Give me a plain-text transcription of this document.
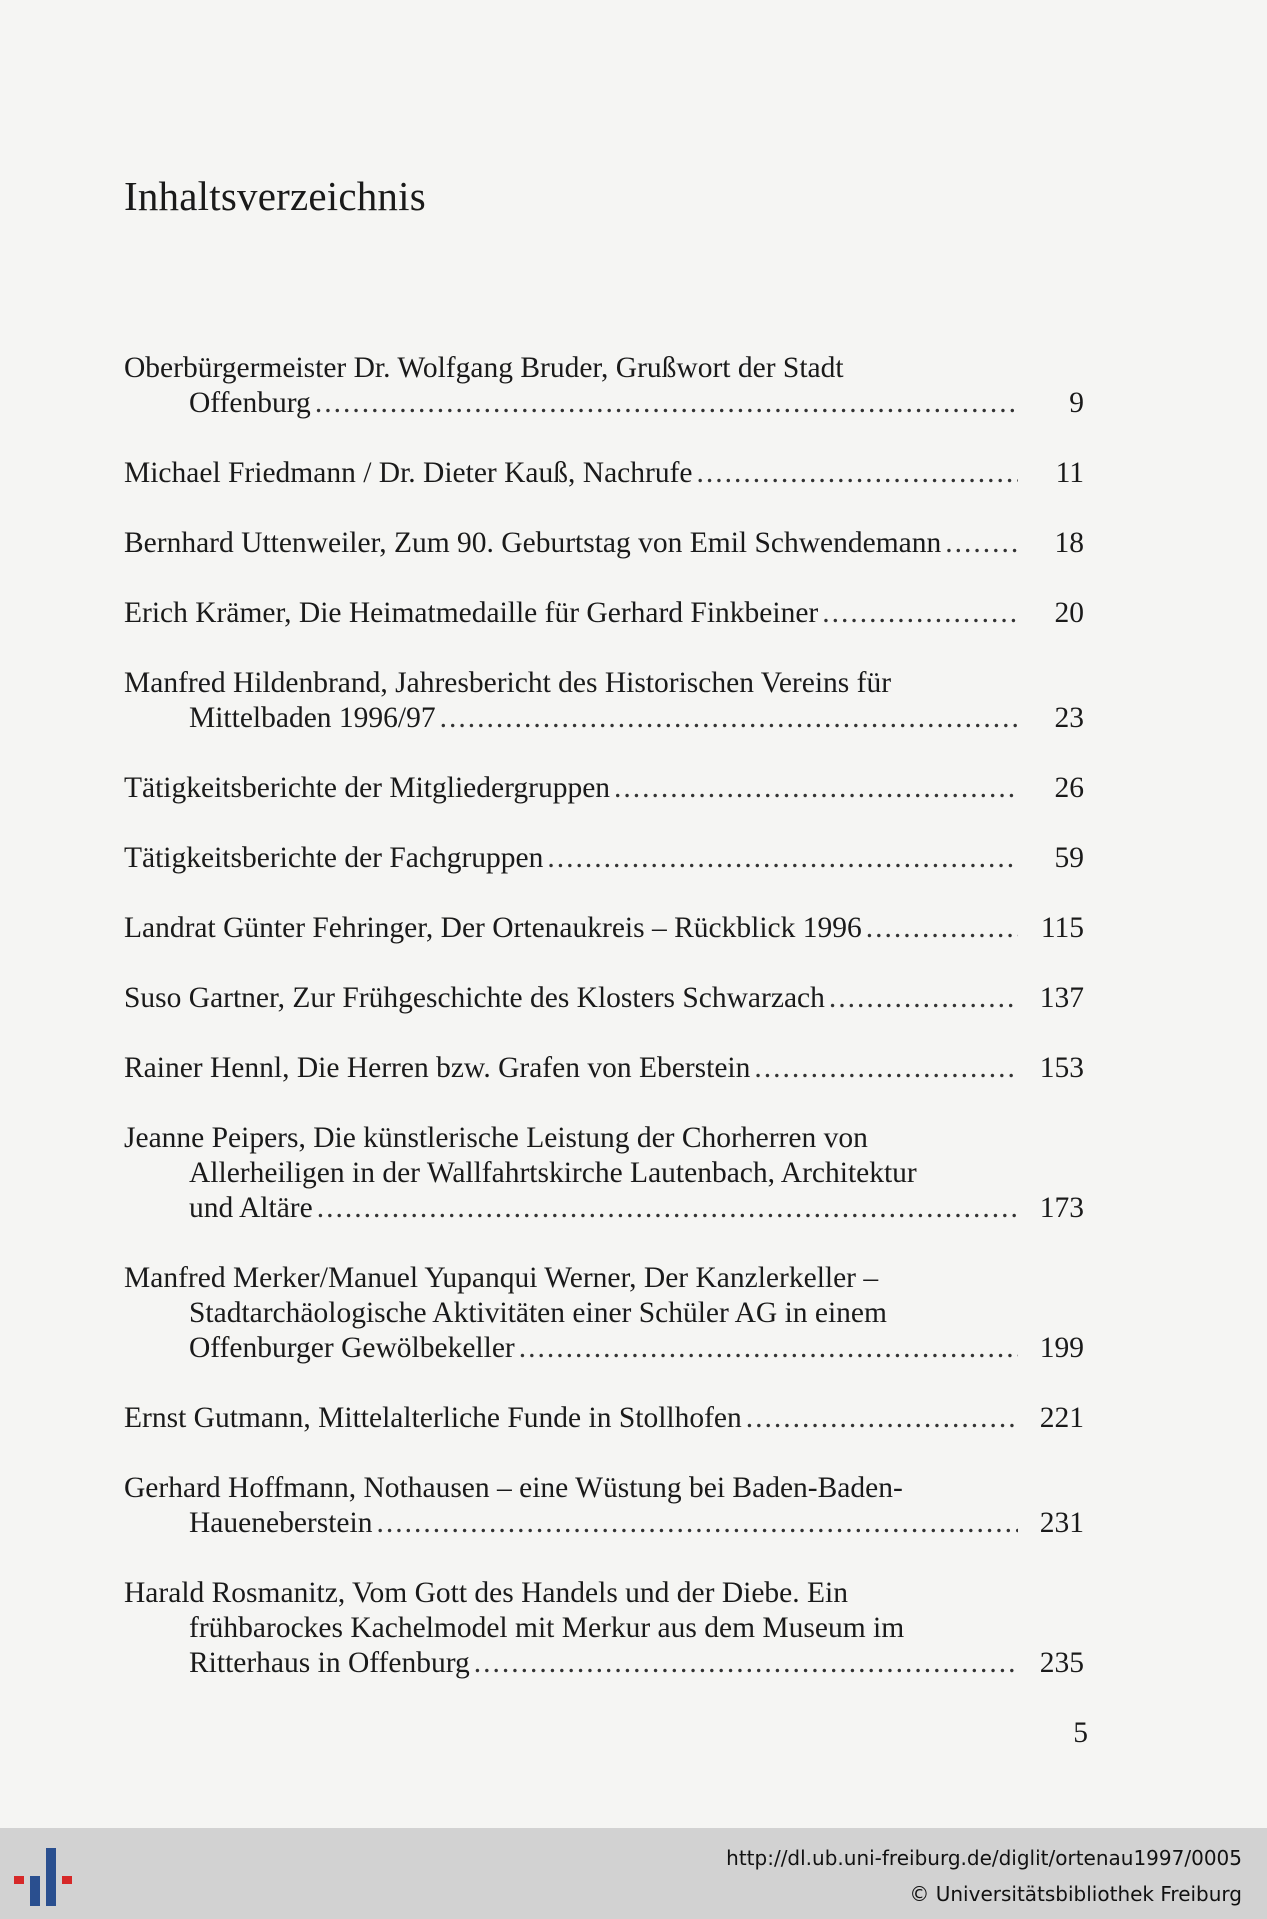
Inhaltsverzeichnis
Oberbürgermeister Dr. Wolfgang Bruder, Grußwort der Stadt
Offenburg .....	9
Michael Friedmann / Dr. Dieter Kauß, Nachrufe .....	11
Bernhard Uttenweiler, Zum 90. Geburtstag von Emil Schwendemann .....	18
Erich Krämer, Die Heimatmedaille für Gerhard Finkbeiner .....	20
Manfred Hildenbrand, Jahresbericht des Historischen Vereins für
Mittelbaden 1996/97 .....	23
Tätigkeitsberichte der Mitgliedergruppen .....	26
Tätigkeitsberichte der Fachgruppen .....	59
Landrat Günter Fehringer, Der Ortenaukreis – Rückblick 1996 .....	115
Suso Gartner, Zur Frühgeschichte des Klosters Schwarzach .....	137
Rainer Hennl, Die Herren bzw. Grafen von Eberstein .....	153
Jeanne Peipers, Die künstlerische Leistung der Chorherren von
Allerheiligen in der Wallfahrtskirche Lautenbach, Architektur
und Altäre .....	173
Manfred Merker/Manuel Yupanqui Werner, Der Kanzlerkeller –
Stadtarchäologische Aktivitäten einer Schüler AG in einem
Offenburger Gewölbekeller .....	199
Ernst Gutmann, Mittelalterliche Funde in Stollhofen .....	221
Gerhard Hoffmann, Nothausen – eine Wüstung bei Baden-Baden-
Haueneberstein .....	231
Harald Rosmanitz, Vom Gott des Handels und der Diebe. Ein
frühbarockes Kachelmodel mit Merkur aus dem Museum im
Ritterhaus in Offenburg .....	235
5
http://dl.ub.uni-freiburg.de/diglit/ortenau1997/0005
© Universitätsbibliothek Freiburg
